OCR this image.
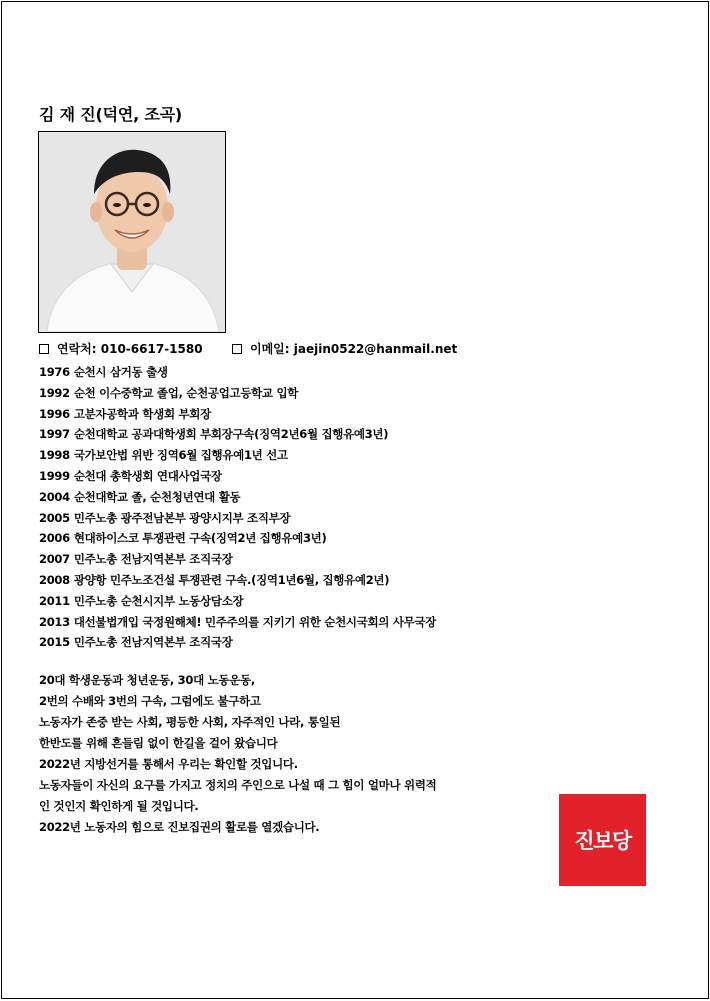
김 재 진(덕연, 조곡)
연락처: 010-6617-1580	이메일: jaejin0522@hanmail.net
1976 순천시 삼거동 출생
1992 순천 이수중학교 졸업, 순천공업고등학교 입학
1996 고분자공학과 학생회 부회장
1997 순천대학교 공과대학생회 부회장구속(징역2년6월 집행유예3년)
1998 국가보안법 위반 징역6월 집행유예1년 선고
1999 순천대 총학생회 연대사업국장
2004 순천대학교 졸, 순천청년연대 활동
2005 민주노총 광주전남본부 광양시지부 조직부장
2006 현대하이스코 투쟁관련 구속(징역2년 집행유예3년)
2007 민주노총 전남지역본부 조직국장
2008 광양항 민주노조건설 투쟁관련 구속.(징역1년6월, 집행유예2년)
2011 민주노총 순천시지부 노동상담소장
2013 대선불법개입 국정원해체! 민주주의를 지키기 위한 순천시국회의 사무국장
2015 민주노총 전남지역본부 조직국장
20대 학생운동과 청년운동, 30대 노동운동,
2번의 수배와 3번의 구속, 그럼에도 불구하고
노동자가 존중 받는 사회, 평등한 사회, 자주적인 나라, 통일된
한반도를 위해 흔들림 없이 한길을 걸어 왔습니다
2022년 지방선거를 통해서 우리는 확인할 것입니다.
노동자들이 자신의 요구를 가지고 정치의 주인으로 나설 때 그 힘이 얼마나 위력적
인 것인지 확인하게 될 것입니다.
2022년 노동자의 힘으로 진보집권의 활로를 열겠습니다.
진보당
